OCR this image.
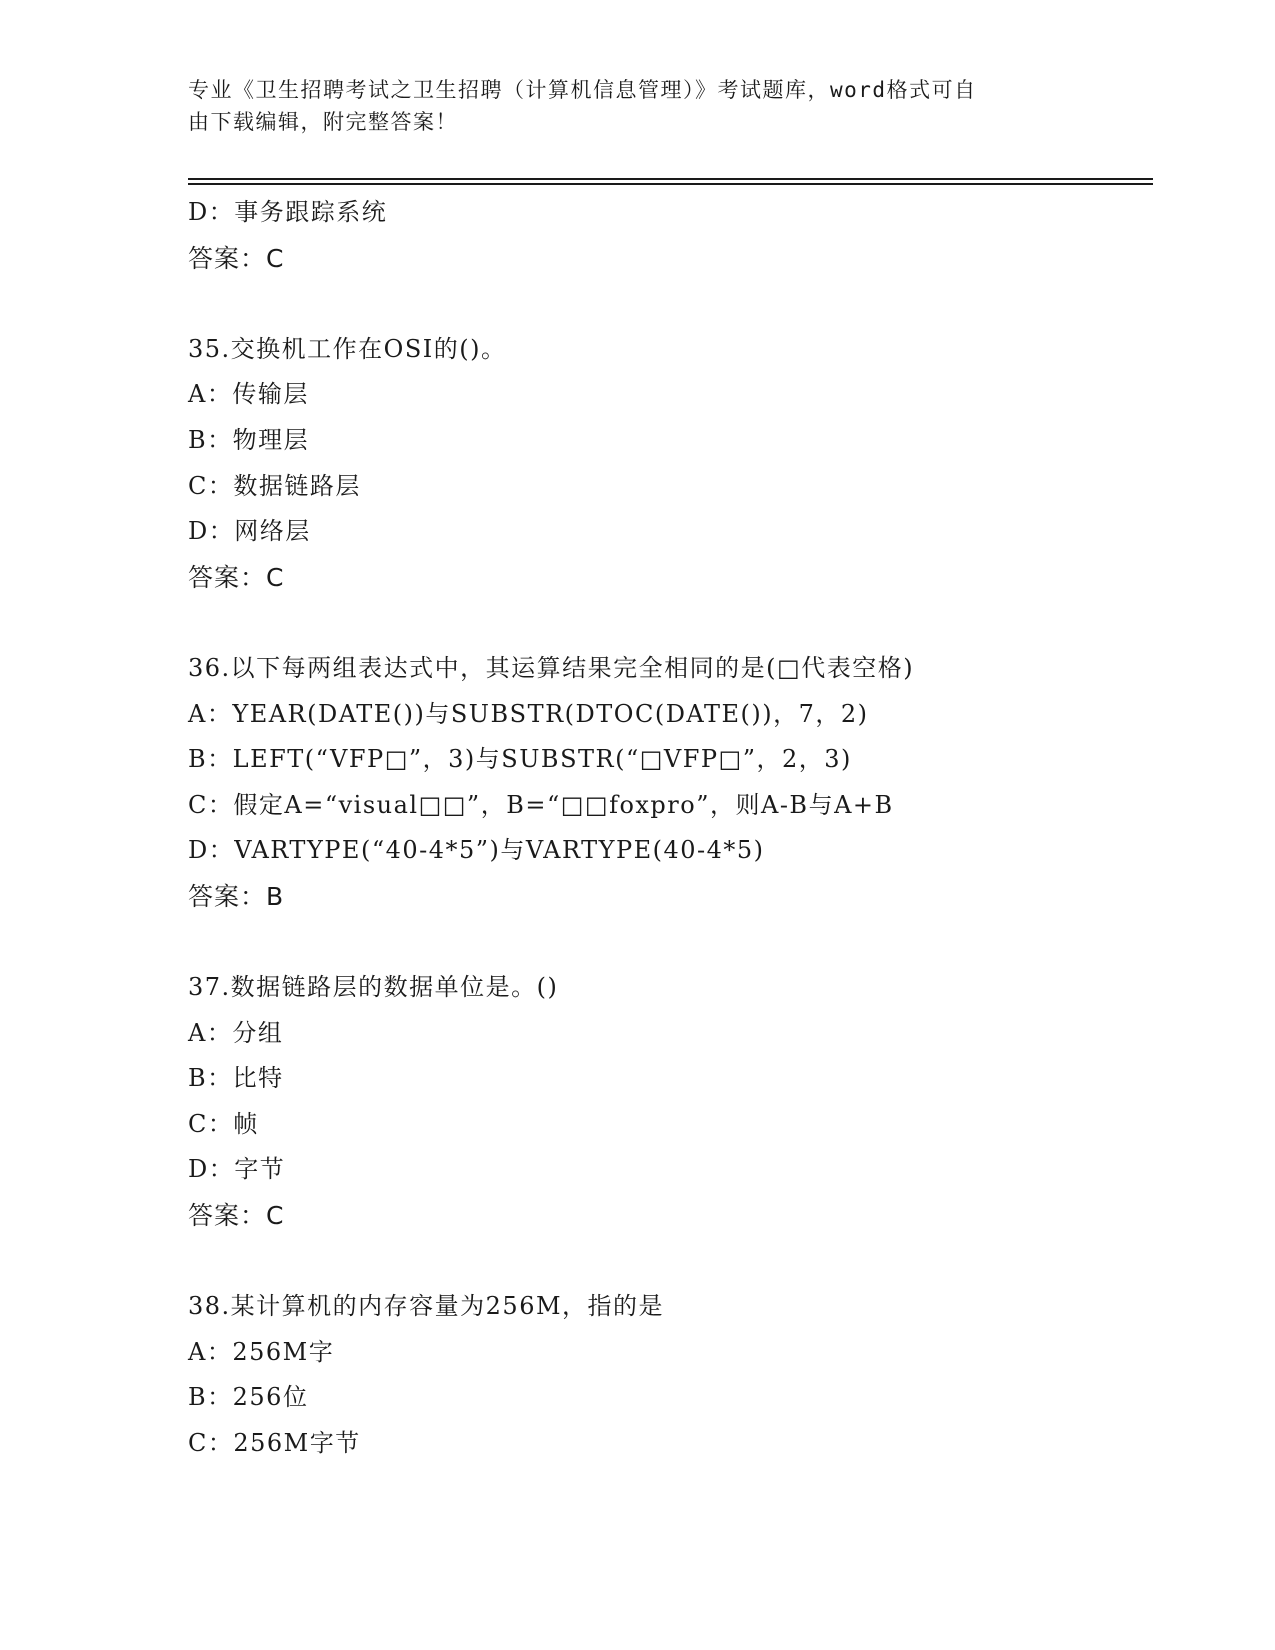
专业《卫生招聘考试之卫生招聘（计算机信息管理）》考试题库，word格式可自
由下载编辑，附完整答案！
D：事务跟踪系统
答案：C
35.交换机工作在OSI的()。
A：传输层
B：物理层
C：数据链路层
D：网络层
答案：C
36.以下每两组表达式中，其运算结果完全相同的是(□代表空格)
A：YEAR(DATE())与SUBSTR(DTOC(DATE())，7，2)
B：LEFT(“VFP□”，3)与SUBSTR(“□VFP□”，2，3)
C：假定A=“visual□□”，B=“□□foxpro”，则A-B与A+B
D：VARTYPE(“40-4*5”)与VARTYPE(40-4*5)
答案：B
37.数据链路层的数据单位是。()
A：分组
B：比特
C：帧
D：字节
答案：C
38.某计算机的内存容量为256M，指的是
A：256M字
B：256位
C：256M字节
